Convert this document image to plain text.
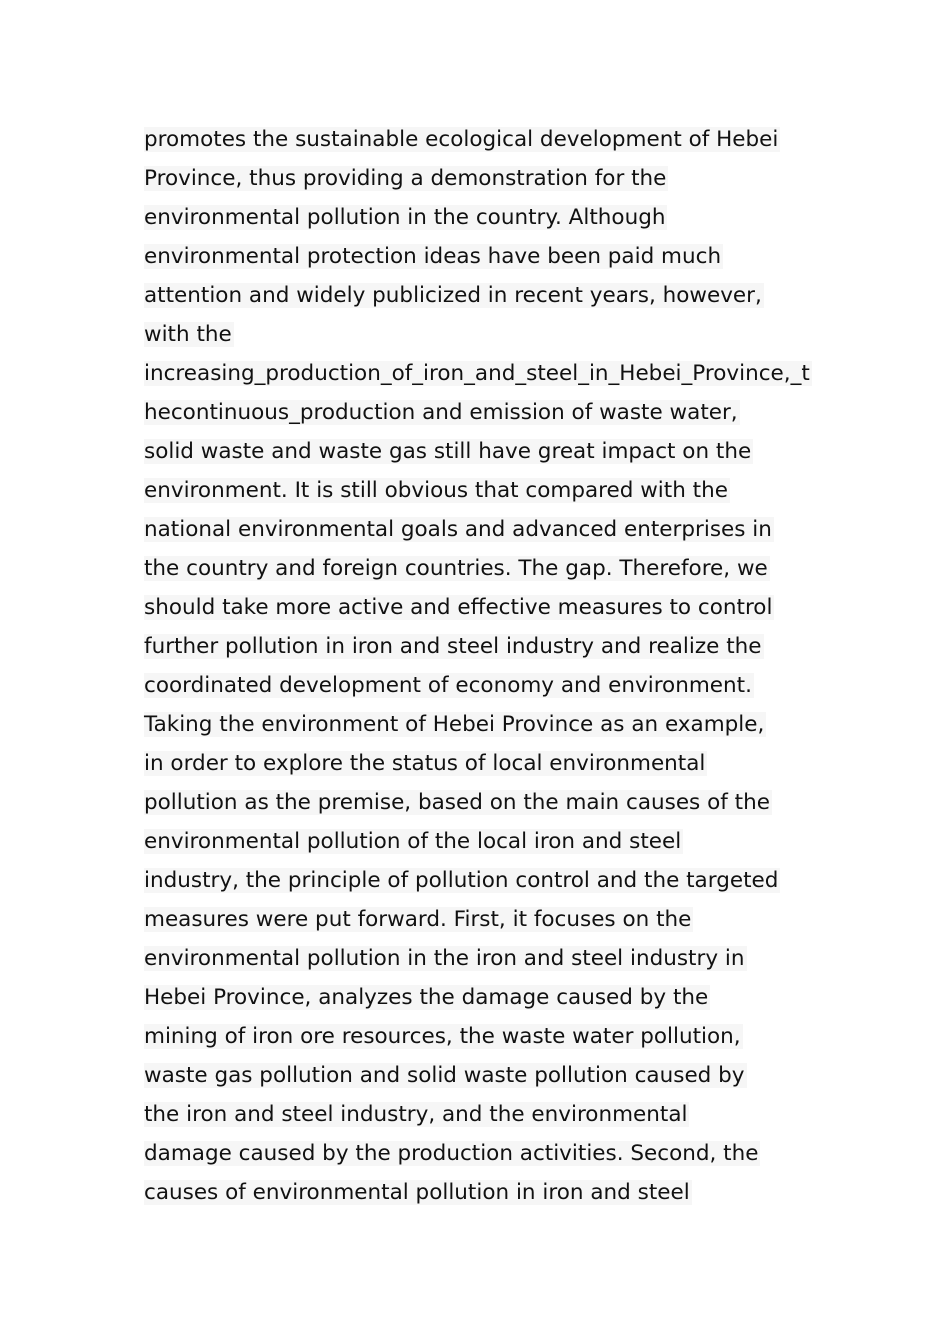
promotes the sustainable ecological development of Hebei
Province, thus providing a demonstration for the
environmental pollution in the country. Although
environmental protection ideas have been paid much
attention and widely publicized in recent years, however,
with the
increasing_production_of_iron_and_steel_in_Hebei_Province,_t
hecontinuous_production and emission of waste water,
solid waste and waste gas still have great impact on the
environment. It is still obvious that compared with the
national environmental goals and advanced enterprises in
the country and foreign countries. The gap. Therefore, we
should take more active and effective measures to control
further pollution in iron and steel industry and realize the
coordinated development of economy and environment.
Taking the environment of Hebei Province as an example,
in order to explore the status of local environmental
pollution as the premise, based on the main causes of the
environmental pollution of the local iron and steel
industry, the principle of pollution control and the targeted
measures were put forward. First, it focuses on the
environmental pollution in the iron and steel industry in
Hebei Province, analyzes the damage caused by the
mining of iron ore resources, the waste water pollution,
waste gas pollution and solid waste pollution caused by
the iron and steel industry, and the environmental
damage caused by the production activities. Second, the
causes of environmental pollution in iron and steel
